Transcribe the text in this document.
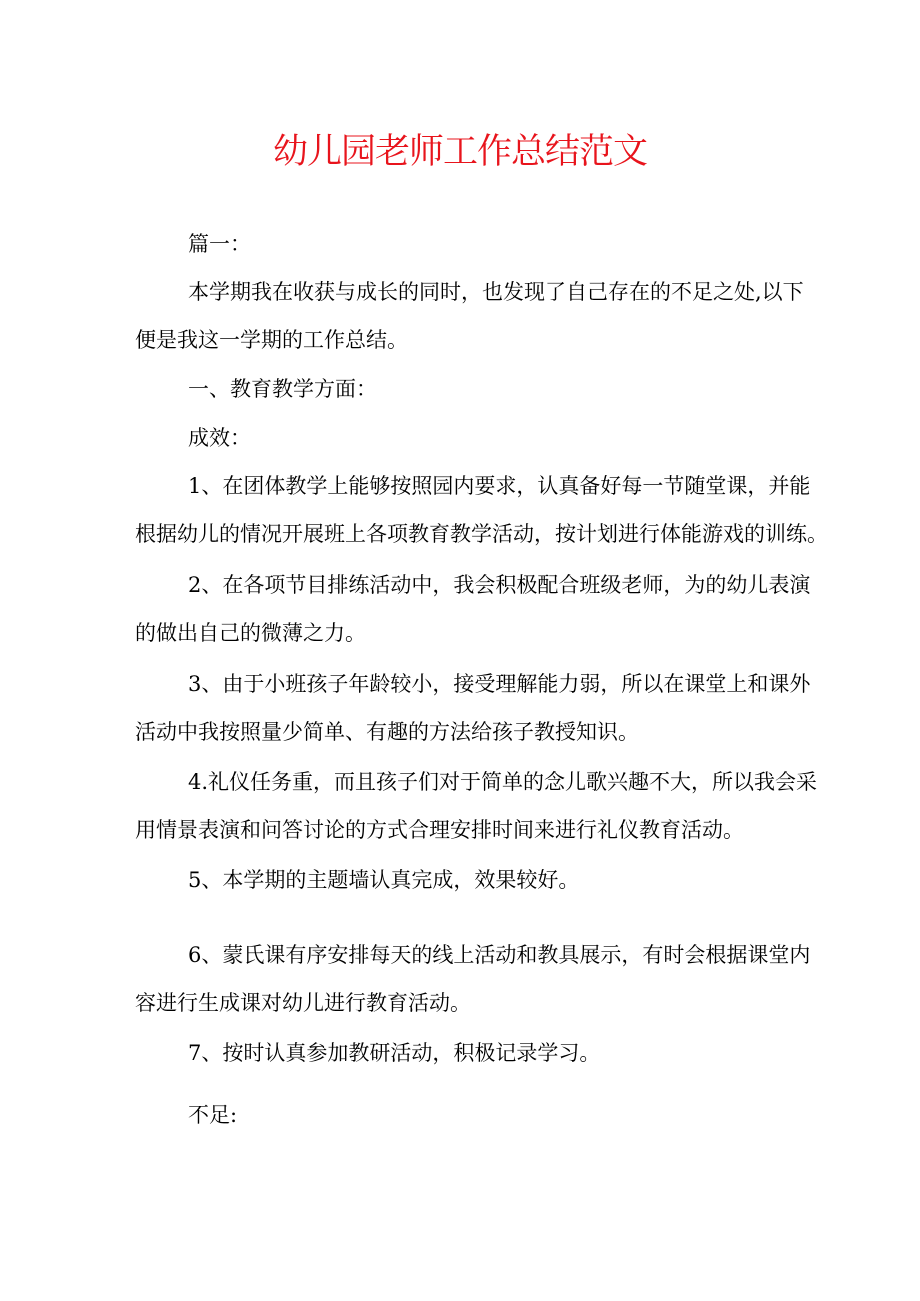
幼儿园老师工作总结范文

篇一：

本学期我在收获与成长的同时，也发现了自己存在的不足之处,以下
便是我这一学期的工作总结。

一、教育教学方面：

成效：

1、在团体教学上能够按照园内要求，认真备好每一节随堂课，并能
根据幼儿的情况开展班上各项教育教学活动，按计划进行体能游戏的训练。

2、在各项节目排练活动中，我会积极配合班级老师，为的幼儿表演
的做出自己的微薄之力。

3、由于小班孩子年龄较小，接受理解能力弱，所以在课堂上和课外
活动中我按照量少简单、有趣的方法给孩子教授知识。

4.礼仪任务重，而且孩子们对于简单的念儿歌兴趣不大，所以我会采
用情景表演和问答讨论的方式合理安排时间来进行礼仪教育活动。

5、本学期的主题墙认真完成，效果较好。

6、蒙氏课有序安排每天的线上活动和教具展示，有时会根据课堂内
容进行生成课对幼儿进行教育活动。

7、按时认真参加教研活动，积极记录学习。

不足:
